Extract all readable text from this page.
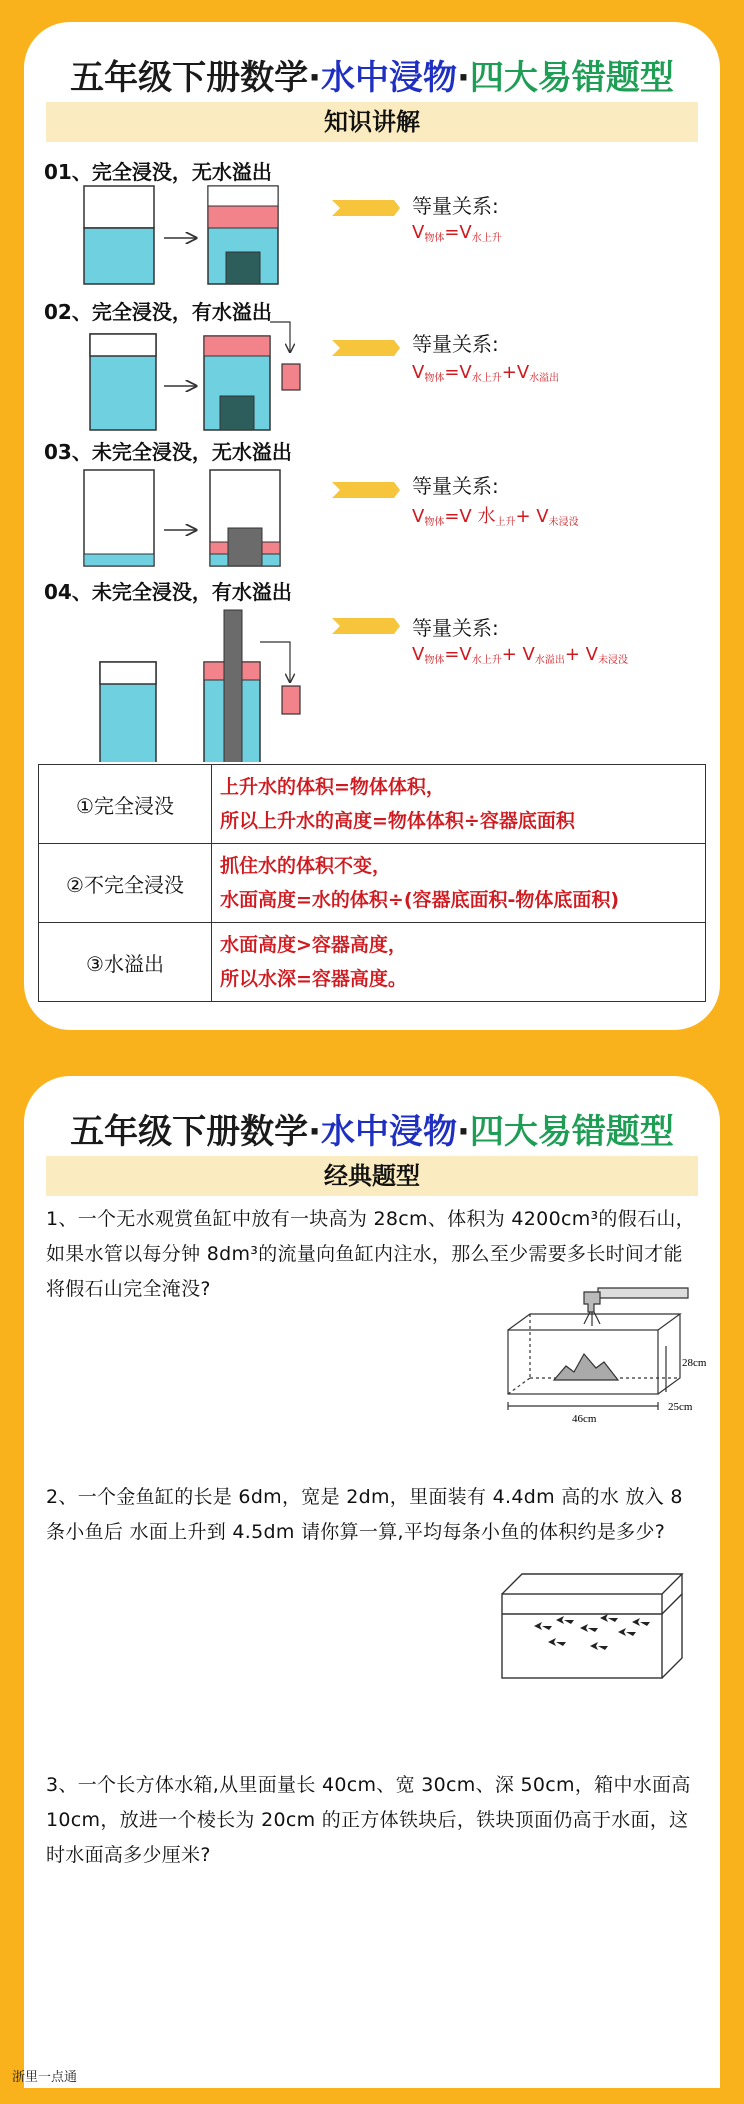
五年级下册数学·水中浸物·四大易错题型
知识讲解
01、完全浸没，无水溢出
02、完全浸没，有水溢出
03、未完全浸没，无水溢出
04、未完全浸没，有水溢出
等量关系:
$V_{物体}=V_{水上升}$
等量关系:
$V_{物体}=V_{水上升}+V_{水溢出}$
等量关系:
$V_{物体}=V$ 水$_{上升}+ V_{未浸没}$
等量关系:
$V_{物体}=V_{水上升}+ V_{水溢出}+ V_{未浸没}$
①完全浸没	上升水的体积=物体体积，
所以上升水的高度=物体体积÷容器底面积

②不完全浸没	抓住水的体积不变，
水面高度=水的体积÷(容器底面积-物体底面积)

③水溢出	水面高度>容器高度，
所以水深=容器高度。
五年级下册数学·水中浸物·四大易错题型
经典题型
1、一个无水观赏鱼缸中放有一块高为 28cm、体积为 4200cm³的假石山，如果水管以每分钟 8dm³的流量向鱼缸内注水，那么至少需要多长时间才能将假石山完全淹没?
2、一个金鱼缸的长是 6dm，宽是 2dm，里面装有 4.4dm 高的水 放入 8 条小鱼后 水面上升到 4.5dm 请你算一算,平均每条小鱼的体积约是多少?
3、一个长方体水箱,从里面量长 40cm、宽 30cm、深 50cm，箱中水面高 10cm，放进一个棱长为 20cm 的正方体铁块后，铁块顶面仍高于水面，这时水面高多少厘米?
46cm
28cm
25cm
浙里一点通
